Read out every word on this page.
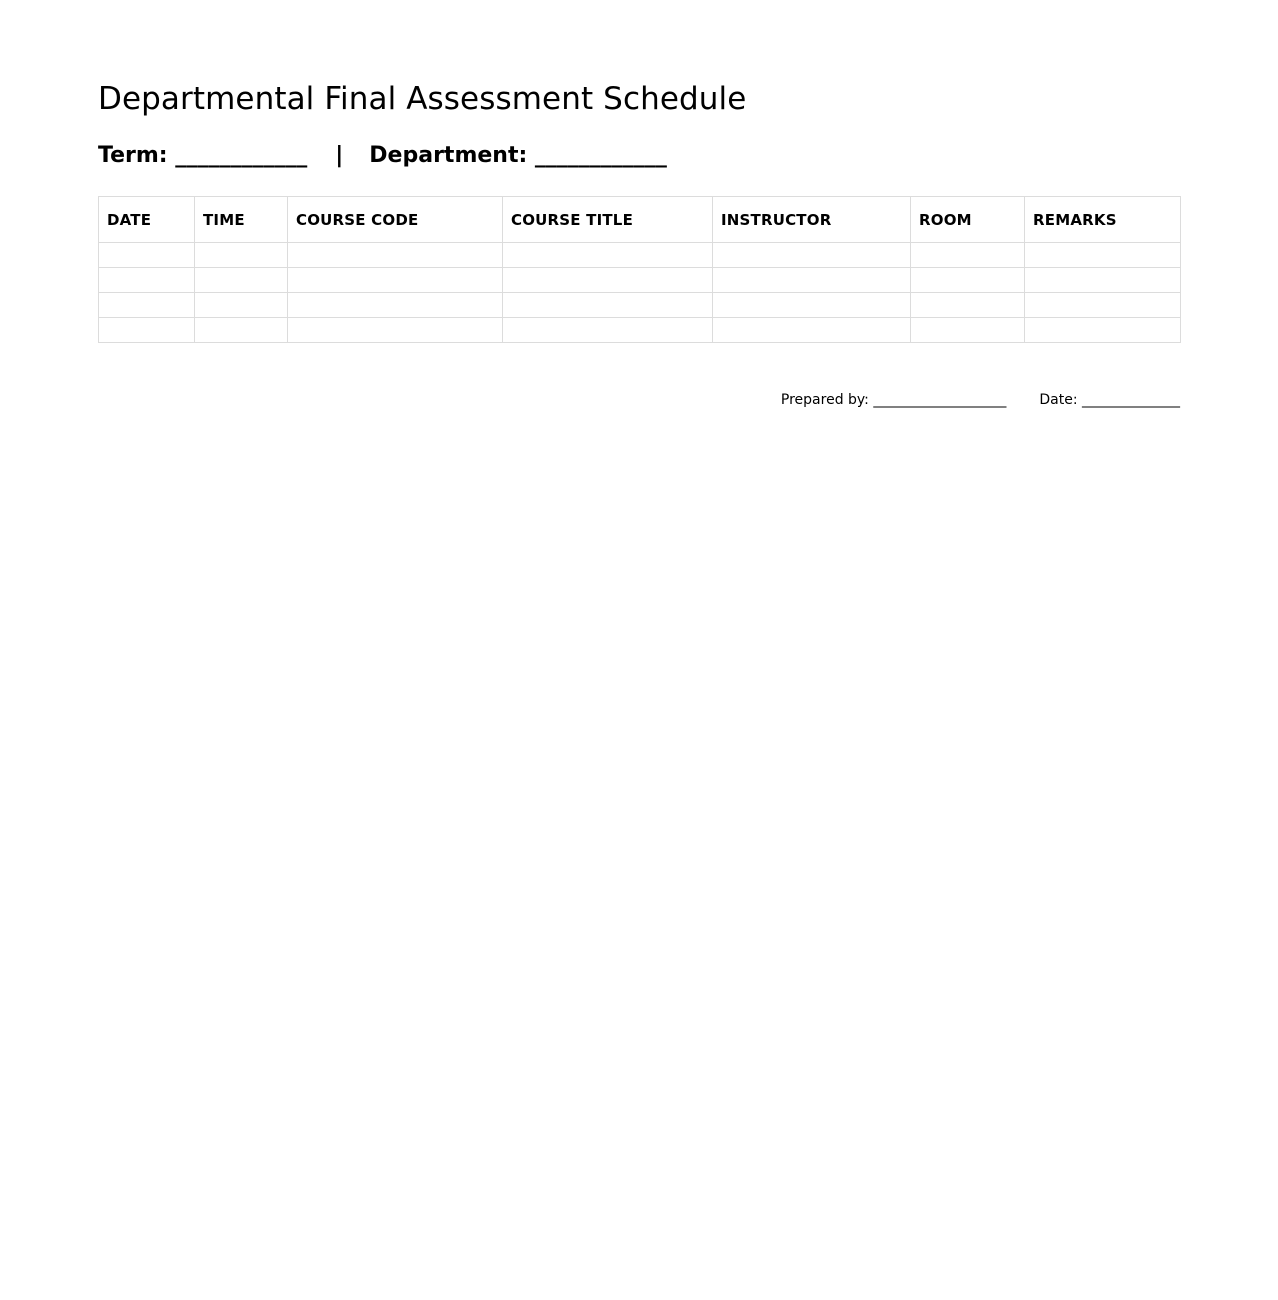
Departmental Final Assessment Schedule
Term: ____________ | Department: ____________
DATE	TIME	COURSE CODE	COURSE TITLE	INSTRUCTOR	ROOM	REMARKS

Prepared by: ___________________ Date: ______________
